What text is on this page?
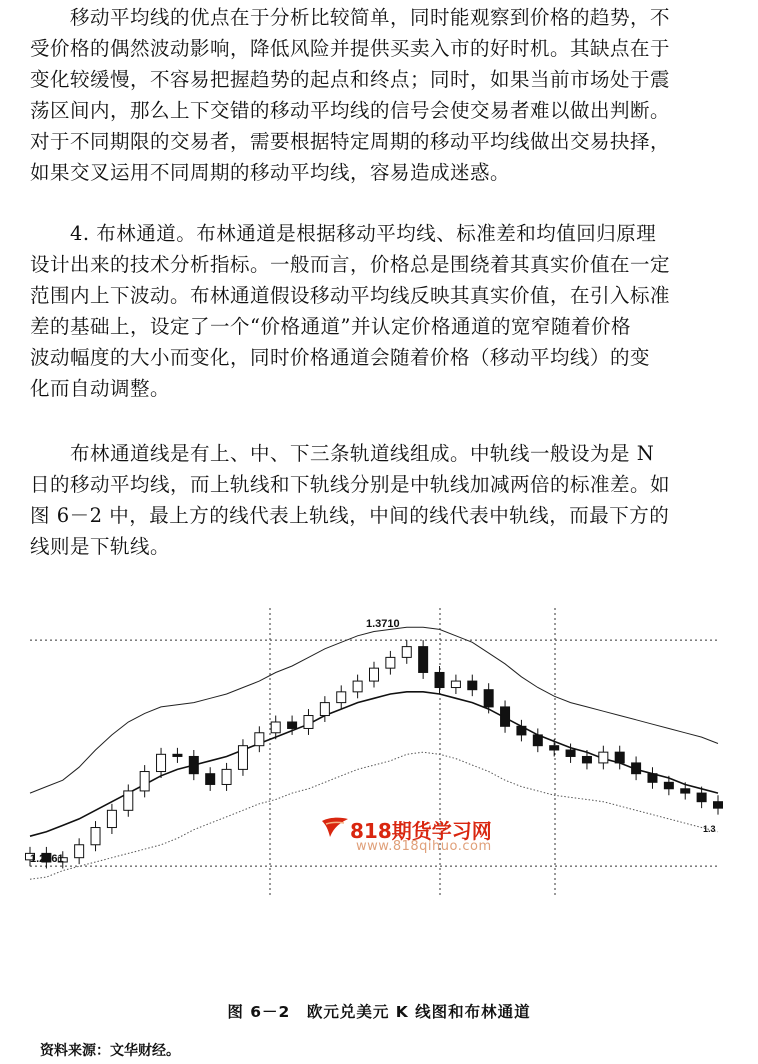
　　移动平均线的优点在于分析比较简单，同时能观察到价格的趋势，不
受价格的偶然波动影响，降低风险并提供买卖入市的好时机。其缺点在于
变化较缓慢，不容易把握趋势的起点和终点；同时，如果当前市场处于震
荡区间内，那么上下交错的移动平均线的信号会使交易者难以做出判断。
对于不同期限的交易者，需要根据特定周期的移动平均线做出交易抉择，
如果交叉运用不同周期的移动平均线，容易造成迷惑。
　　4. 布林通道。布林通道是根据移动平均线、标准差和均值回归原理
设计出来的技术分析指标。一般而言，价格总是围绕着其真实价值在一定
范围内上下波动。布林通道假设移动平均线反映其真实价值，在引入标准
差的基础上，设定了一个“价格通道”并认定价格通道的宽窄随着价格
波动幅度的大小而变化，同时价格通道会随着价格（移动平均线）的变
化而自动调整。
　　布林通道线是有上、中、下三条轨道线组成。中轨线一般设为是 N
日的移动平均线，而上轨线和下轨线分别是中轨线加减两倍的标准差。如
图 6－2 中，最上方的线代表上轨线，中间的线代表中轨线，而最下方的
线则是下轨线。
1.3710
1.2661
1.3
818期货学习网
www.818qihuo.com
图 6－2　欧元兑美元 K 线图和布林通道
资料来源：文华财经。
